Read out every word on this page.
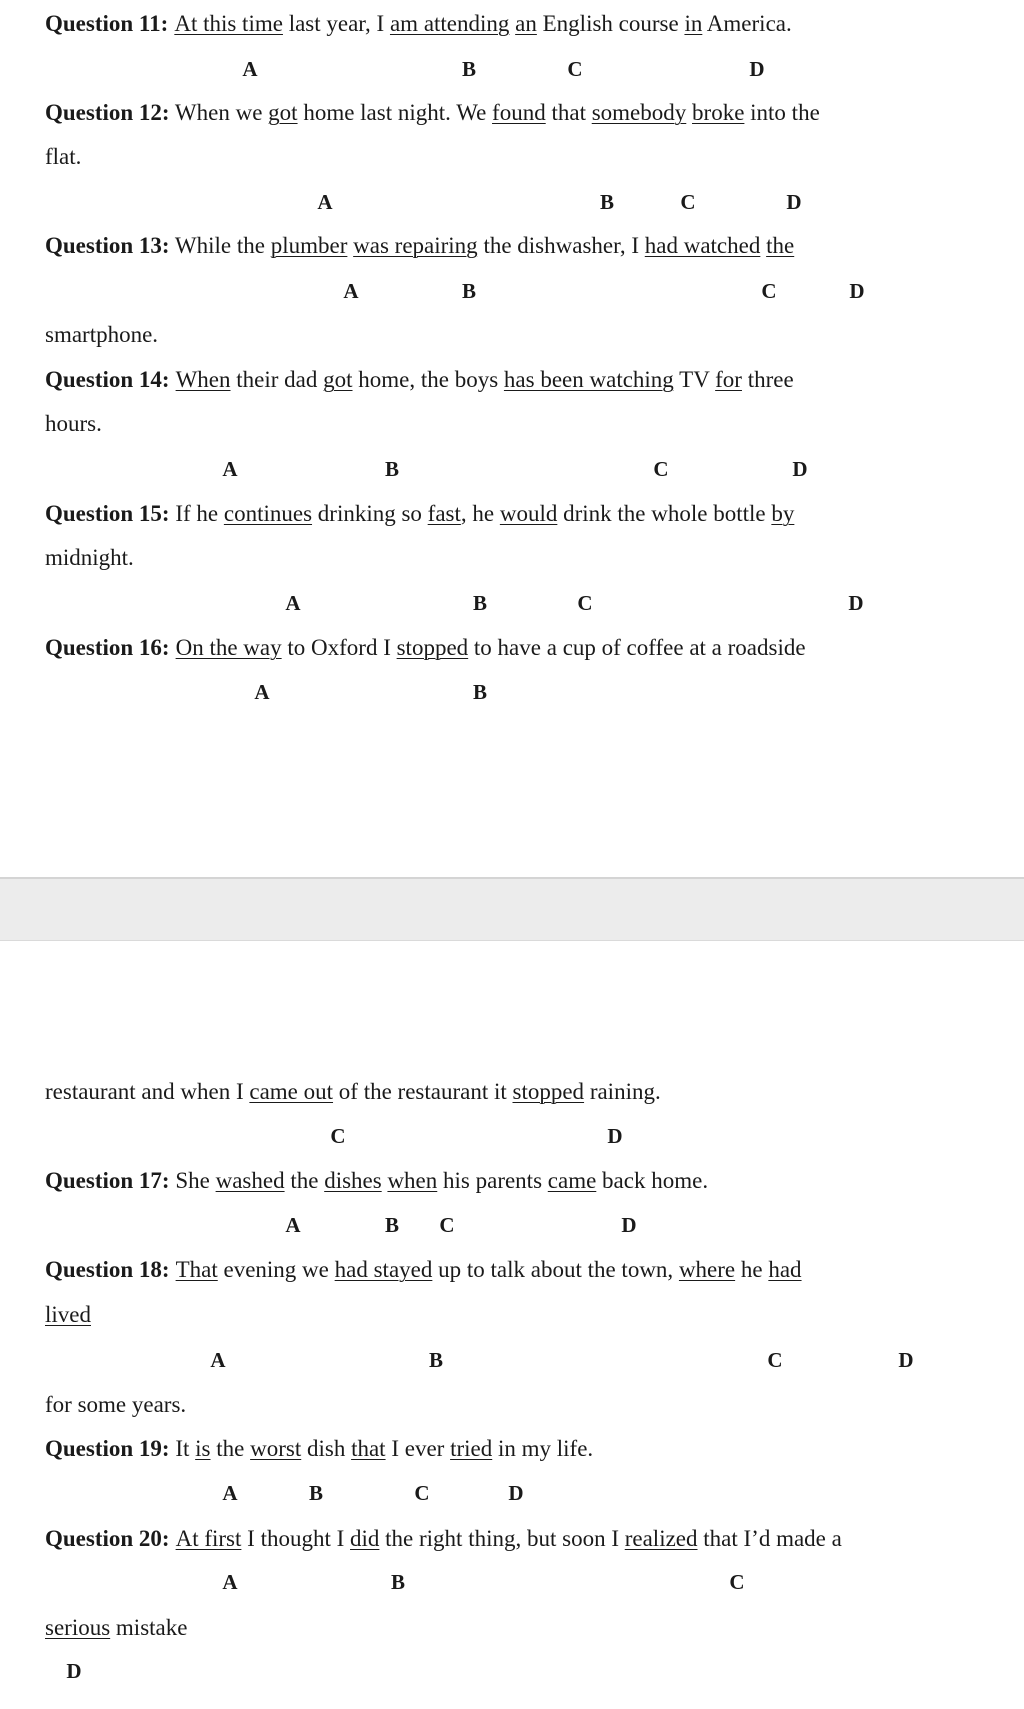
Question 11: At this time last year, I am attending an English course in America.

A	B	C	D

Question 12: When we got home last night. We found that somebody broke into the

flat.

A	B	C	D

Question 13: While the plumber was repairing the dishwasher, I had watched the

A	B	C	D

smartphone.

Question 14: When their dad got home, the boys has been watching TV for three

hours.

A	B	C	D

Question 15: If he continues drinking so fast, he would drink the whole bottle by

midnight.

A	B	C	D

Question 16: On the way to Oxford I stopped to have a cup of coffee at a roadside

A	B

restaurant and when I came out of the restaurant it stopped raining.

C	D

Question 17: She washed the dishes when his parents came back home.

A	B C	D

Question 18: That evening we had stayed up to talk about the town, where he had

lived

A	B	C	D

for some years.

Question 19: It is the worst dish that I ever tried in my life.

A	B	C	D

Question 20: At first I thought I did the right thing, but soon I realized that I’d made a

A	B	C

serious mistake

D
